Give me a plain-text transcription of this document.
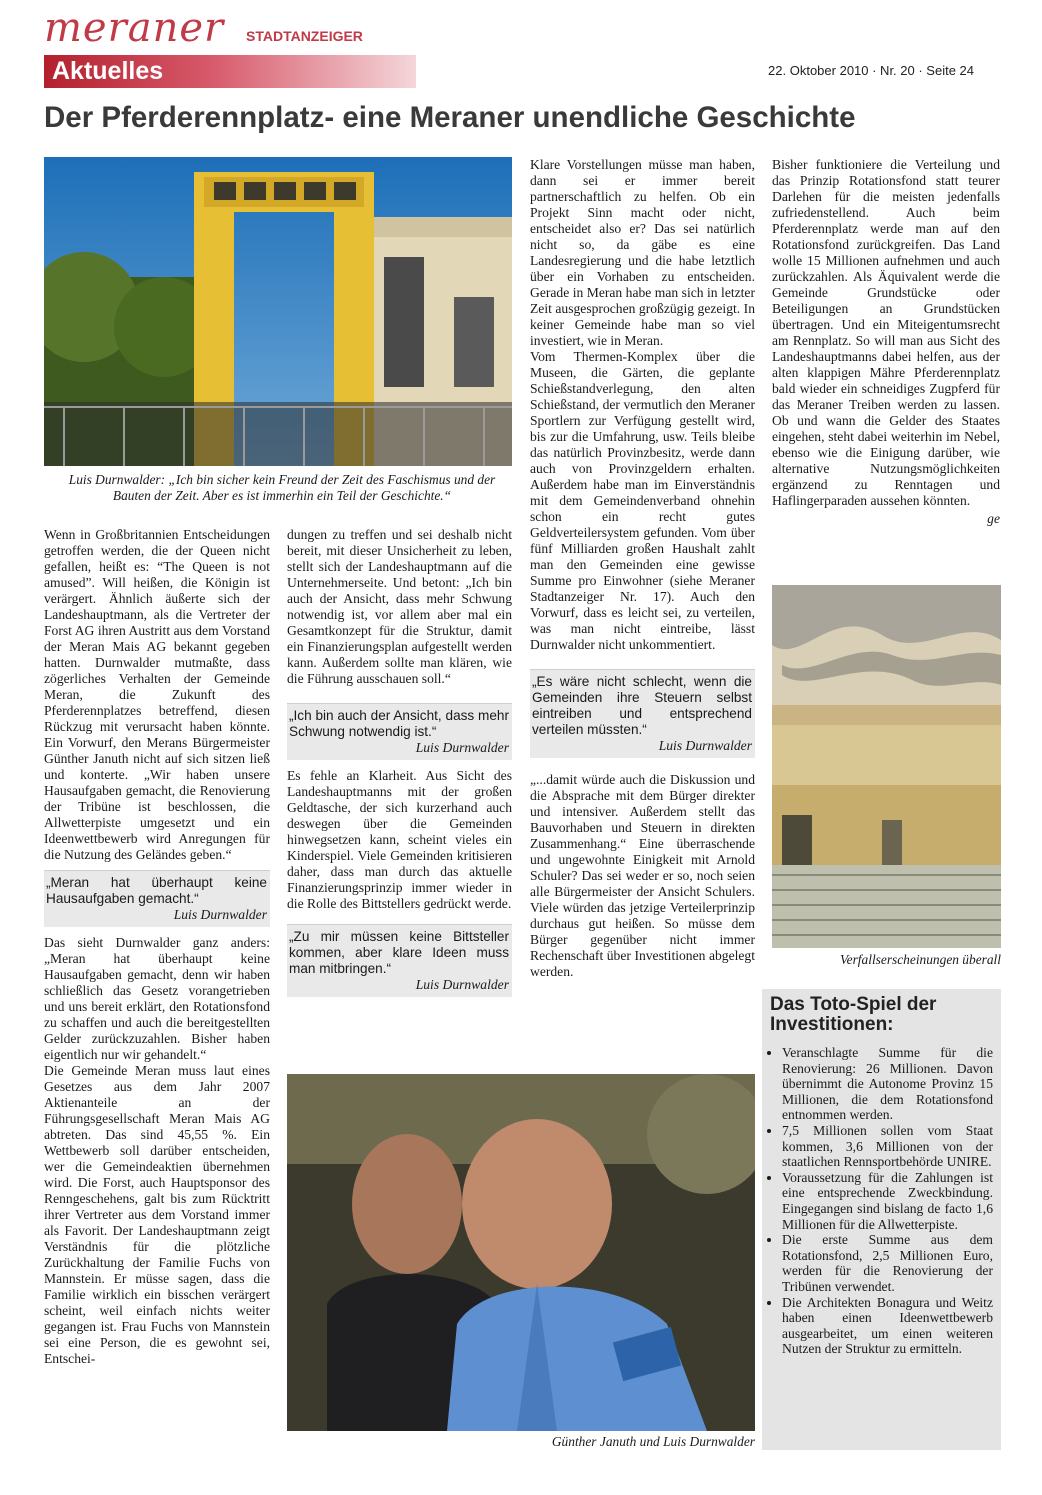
meraner STADTANZEIGER
Aktuelles	22. Oktober 2010 · Nr. 20 · Seite 24
Der Pferderennplatz- eine Meraner unendliche Geschichte
Luis Durnwalder: „Ich bin sicher kein Freund der Zeit des Faschismus und der Bauten der Zeit. Aber es ist immerhin ein Teil der Geschichte.“

Wenn in Großbritannien Entscheidungen getroffen werden, die der Queen nicht gefallen, heißt es: “The Queen is not amused”. Will heißen, die Königin ist verärgert. Ähnlich äußerte sich der Landeshauptmann, als die Vertreter der Forst AG ihren Austritt aus dem Vorstand der Meran Mais AG bekannt gegeben hatten. Durnwalder mutmaßte, dass zögerliches Verhalten der Gemeinde Meran, die Zukunft des Pferderennplatzes betreffend, diesen Rückzug mit verursacht haben könnte. Ein Vorwurf, den Merans Bürgermeister Günther Januth nicht auf sich sitzen ließ und konterte. „Wir haben unsere Hausaufgaben gemacht, die Renovierung der Tribüne ist beschlossen, die Allwetterpiste umgesetzt und ein Ideenwettbewerb wird Anregungen für die Nutzung des Geländes geben.“

„Meran hat überhaupt keine Hausaufgaben gemacht.“
Luis Durnwalder

Das sieht Durnwalder ganz anders: „Meran hat überhaupt keine Hausaufgaben gemacht, denn wir haben schließlich das Gesetz vorangetrieben und uns bereit erklärt, den Rotationsfond zu schaffen und auch die bereitgestellten Gelder zurückzuzahlen. Bisher haben eigentlich nur wir gehandelt.“

Die Gemeinde Meran muss laut eines Gesetzes aus dem Jahr 2007 Aktienanteile an der Führungsgesellschaft Meran Mais AG abtreten. Das sind 45,55 %. Ein Wettbewerb soll darüber entscheiden, wer die Gemeindeaktien übernehmen wird. Die Forst, auch Hauptsponsor des Renngeschehens, galt bis zum Rücktritt ihrer Vertreter aus dem Vorstand immer als Favorit. Der Landeshauptmann zeigt Verständnis für die plötzliche Zurückhaltung der Familie Fuchs von Mannstein. Er müsse sagen, dass die Familie wirklich ein bisschen verärgert scheint, weil einfach nichts weiter gegangen ist. Frau Fuchs von Mannstein sei eine Person, die es gewohnt sei, Entschei-

dungen zu treffen und sei deshalb nicht bereit, mit dieser Unsicherheit zu leben, stellt sich der Landeshauptmann auf die Unternehmerseite. Und betont: „Ich bin auch der Ansicht, dass mehr Schwung notwendig ist, vor allem aber mal ein Gesamtkonzept für die Struktur, damit ein Finanzierungsplan aufgestellt werden kann. Außerdem sollte man klären, wie die Führung ausschauen soll.“

„Ich bin auch der Ansicht, dass mehr Schwung notwendig ist.“
Luis Durnwalder

Es fehle an Klarheit. Aus Sicht des Landeshauptmanns mit der großen Geldtasche, der sich kurzerhand auch deswegen über die Gemeinden hinwegsetzen kann, scheint vieles ein Kinderspiel. Viele Gemeinden kritisieren daher, dass man durch das aktuelle Finanzierungsprinzip immer wieder in die Rolle des Bittstellers gedrückt werde.

„Zu mir müssen keine Bittsteller kommen, aber klare Ideen muss man mitbringen.“
Luis Durnwalder

Klare Vorstellungen müsse man haben, dann sei er immer bereit partnerschaftlich zu helfen. Ob ein Projekt Sinn macht oder nicht, entscheidet also er? Das sei natürlich nicht so, da gäbe es eine Landesregierung und die habe letztlich über ein Vorhaben zu entscheiden. Gerade in Meran habe man sich in letzter Zeit ausgesprochen großzügig gezeigt. In keiner Gemeinde habe man so viel investiert, wie in Meran.

Vom Thermen-Komplex über die Museen, die Gärten, die geplante Schießstandverlegung, den alten Schießstand, der vermutlich den Meraner Sportlern zur Verfügung gestellt wird, bis zur die Umfahrung, usw. Teils bleibe das natürlich Provinzbesitz, werde dann auch von Provinzgeldern erhalten. Außerdem habe man im Einverständnis mit dem Gemeindenverband ohnehin schon ein recht gutes Geldverteilersystem gefunden. Vom über fünf Milliarden großen Haushalt zahlt man den Gemeinden eine gewisse Summe pro Einwohner (siehe Meraner Stadtanzeiger Nr. 17). Auch den Vorwurf, dass es leicht sei, zu verteilen, was man nicht eintreibe, lässt Durnwalder nicht unkommentiert.

„Es wäre nicht schlecht, wenn die Gemeinden ihre Steuern selbst eintreiben und entsprechend verteilen müssten.“
Luis Durnwalder

„...damit würde auch die Diskussion und die Absprache mit dem Bürger direkter und intensiver. Außerdem stellt das Bauvorhaben und Steuern in direkten Zusammenhang.“ Eine überraschende und ungewohnte Einigkeit mit Arnold Schuler? Das sei weder er so, noch seien alle Bürgermeister der Ansicht Schulers. Viele würden das jetzige Verteilerprinzip durchaus gut heißen. So müsse dem Bürger gegenüber nicht immer Rechenschaft über Investitionen abgelegt werden.

Bisher funktioniere die Verteilung und das Prinzip Rotationsfond statt teurer Darlehen für die meisten jedenfalls zufriedenstellend. Auch beim Pferderennplatz werde man auf den Rotationsfond zurückgreifen. Das Land wolle 15 Millionen aufnehmen und auch zurückzahlen. Als Äquivalent werde die Gemeinde Grundstücke oder Beteiligungen an Grundstücken übertragen. Und ein Miteigentumsrecht am Rennplatz. So will man aus Sicht des Landeshauptmanns dabei helfen, aus der alten klappigen Mähre Pferderennplatz bald wieder ein schneidiges Zugpferd für das Meraner Treiben werden zu lassen. Ob und wann die Gelder des Staates eingehen, steht dabei weiterhin im Nebel, ebenso wie die Einigung darüber, wie alternative Nutzungsmöglichkeiten ergänzend zu Renntagen und Haflingerparaden aussehen könnten.

ge
Verfallserscheinungen überall
Günther Januth und Luis Durnwalder
Das Toto-Spiel der Investitionen:
• Veranschlagte Summe für die Renovierung: 26 Millionen. Davon übernimmt die Autonome Provinz 15 Millionen, die dem Rotationsfond entnommen werden.
• 7,5 Millionen sollen vom Staat kommen, 3,6 Millionen von der staatlichen Rennsportbehörde UNIRE.
• Voraussetzung für die Zahlungen ist eine entsprechende Zweckbindung. Eingegangen sind bislang de facto 1,6 Millionen für die Allwetterpiste.
• Die erste Summe aus dem Rotationsfond, 2,5 Millionen Euro, werden für die Renovierung der Tribünen verwendet.
• Die Architekten Bonagura und Weitz haben einen Ideenwettbewerb ausgearbeitet, um einen weiteren Nutzen der Struktur zu ermitteln.
